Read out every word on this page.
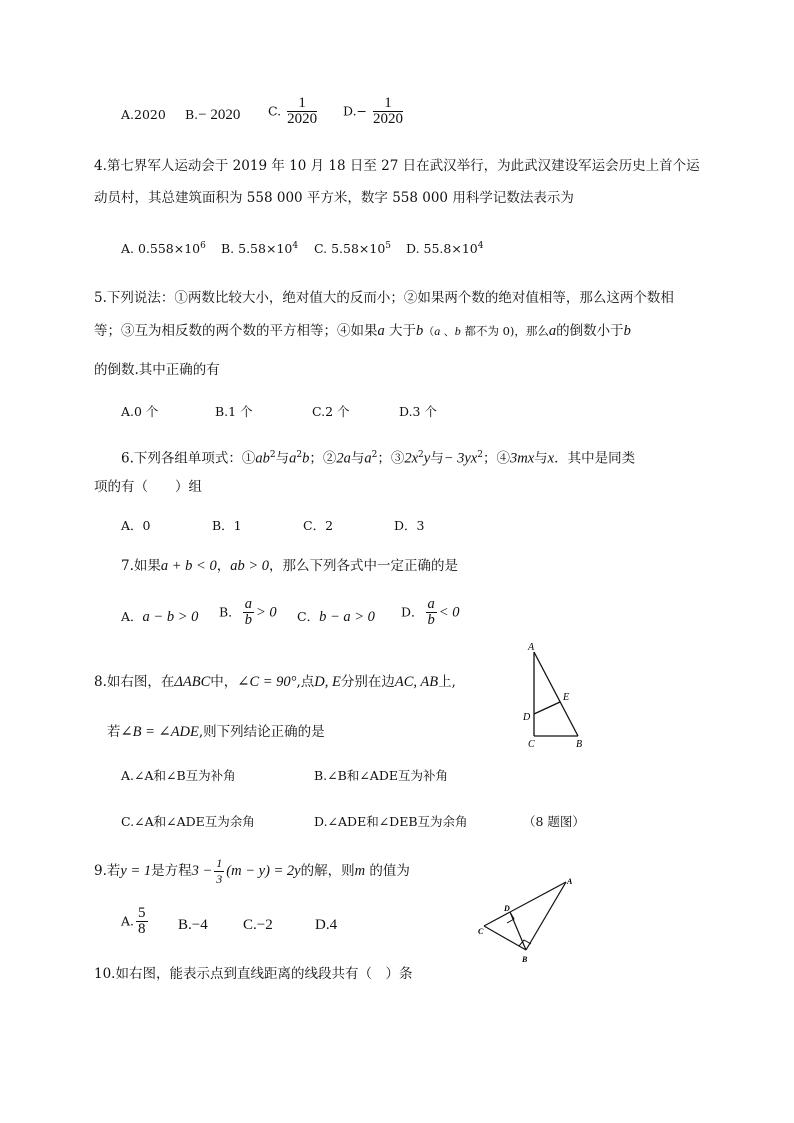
A.2020 B.− 2020 C. $\frac{1}{2020} D.- \frac{1}{2020}$
4.第七界军人运动会于 2019 年 10 月 18 日至 27 日在武汉举行，为此武汉建设军运会历史上首个运
动员村，其总建筑面积为 558 000 平方米，数字 558 000 用科学记数法表示为
A. $0.558\times 10^6$ B. $5.58\times 10^4$ C. $5.58\times 10^5$ D. $55.8\times 10^4$
5.下列说法：①两数比较大小，绝对值大的反而小；②如果两个数的绝对值相等，那么这两个数相
等；③互为相反数的两个数的平方相等；④如果a 大于b（a 、b 都不为 0)，那么a的倒数小于b
的倒数.其中正确的有
A.0 个	B.1 个	C.2 个	D.3 个
6.下列各组单项式：$①ab^2$与$a^2b$；②2a与$a^2$；$③2x^2y$与− $3yx^2$；④3mx与x．其中是同类
项的有（　　）组
A．0	B．1	C．2	D．3
7.如果a + b < 0，ab > 0，那么下列各式中一定正确的是
A．a − b > 0 B． $\frac{a}{b} > 0$ C．b − a > 0 D． $\frac{a}{b} < 0$
8.如右图，在ΔABC中，∠C = 90°,点D, E分别在边AC, AB上,
若∠B = ∠ADE,则下列结论正确的是
A.∠A和∠B互为补角	B.∠B和∠ADE互为补角
C.∠A和∠ADE互为余角	D.∠ADE和∠DEB互为余角	（8 题图）
A
E
D
C	B
9.若y = 1是方程$3 - \frac{1}{3} (m - y) = 2y$的解，则m 的值为
A. $\frac{5}{8} B.-4$ C.−2	D.4
A
C
D
B
10.如右图，能表示点到直线距离的线段共有（　）条
